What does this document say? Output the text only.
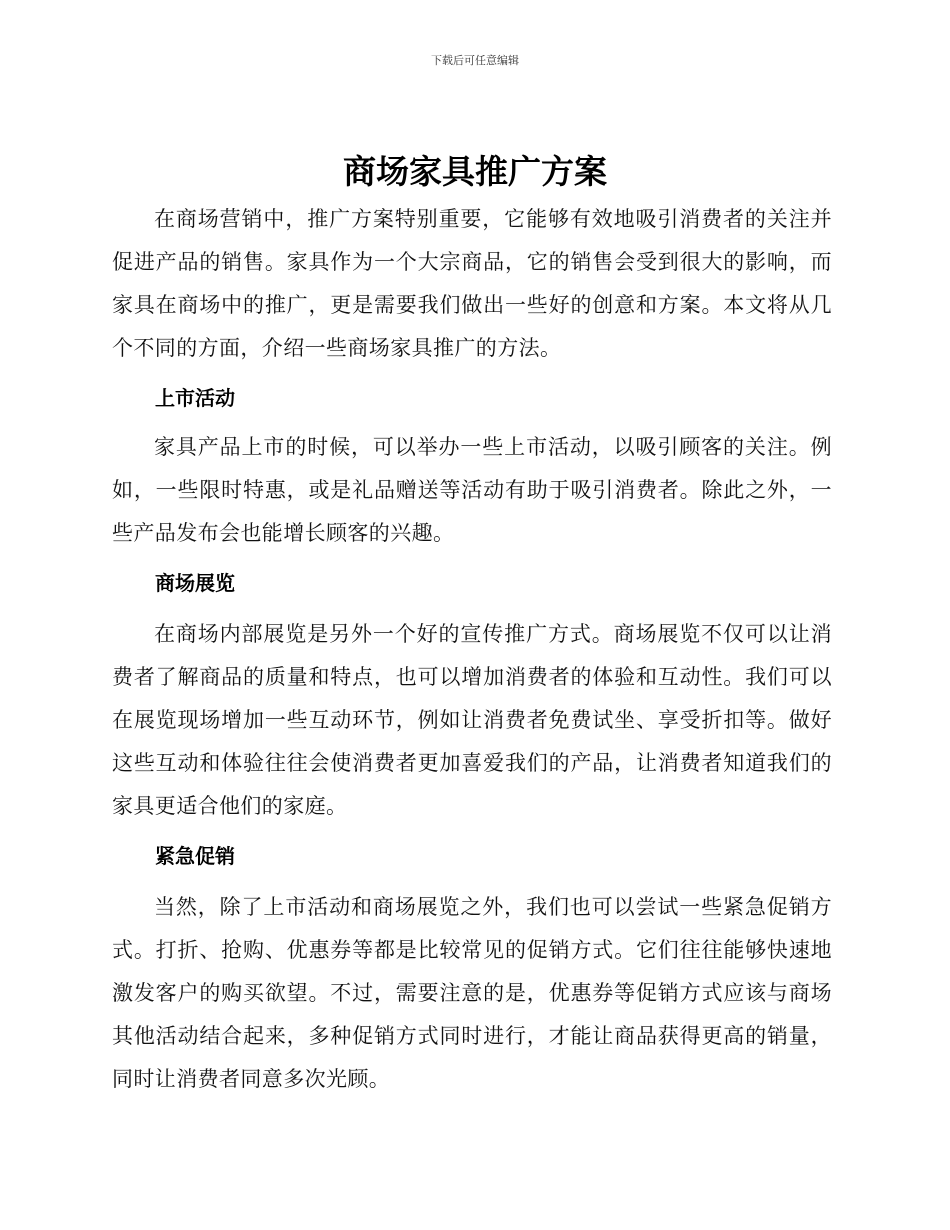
下载后可任意编辑
商场家具推广方案

在商场营销中，推广方案特别重要，它能够有效地吸引消费者的关注并促进产品的销售。家具作为一个大宗商品，它的销售会受到很大的影响，而家具在商场中的推广，更是需要我们做出一些好的创意和方案。本文将从几个不同的方面，介绍一些商场家具推广的方法。

上市活动

家具产品上市的时候，可以举办一些上市活动，以吸引顾客的关注。例如，一些限时特惠，或是礼品赠送等活动有助于吸引消费者。除此之外，一些产品发布会也能增长顾客的兴趣。

商场展览

在商场内部展览是另外一个好的宣传推广方式。商场展览不仅可以让消费者了解商品的质量和特点，也可以增加消费者的体验和互动性。我们可以在展览现场增加一些互动环节，例如让消费者免费试坐、享受折扣等。做好这些互动和体验往往会使消费者更加喜爱我们的产品，让消费者知道我们的家具更适合他们的家庭。

紧急促销

当然，除了上市活动和商场展览之外，我们也可以尝试一些紧急促销方式。打折、抢购、优惠券等都是比较常见的促销方式。它们往往能够快速地激发客户的购买欲望。不过，需要注意的是，优惠券等促销方式应该与商场其他活动结合起来，多种促销方式同时进行，才能让商品获得更高的销量，同时让消费者同意多次光顾。
